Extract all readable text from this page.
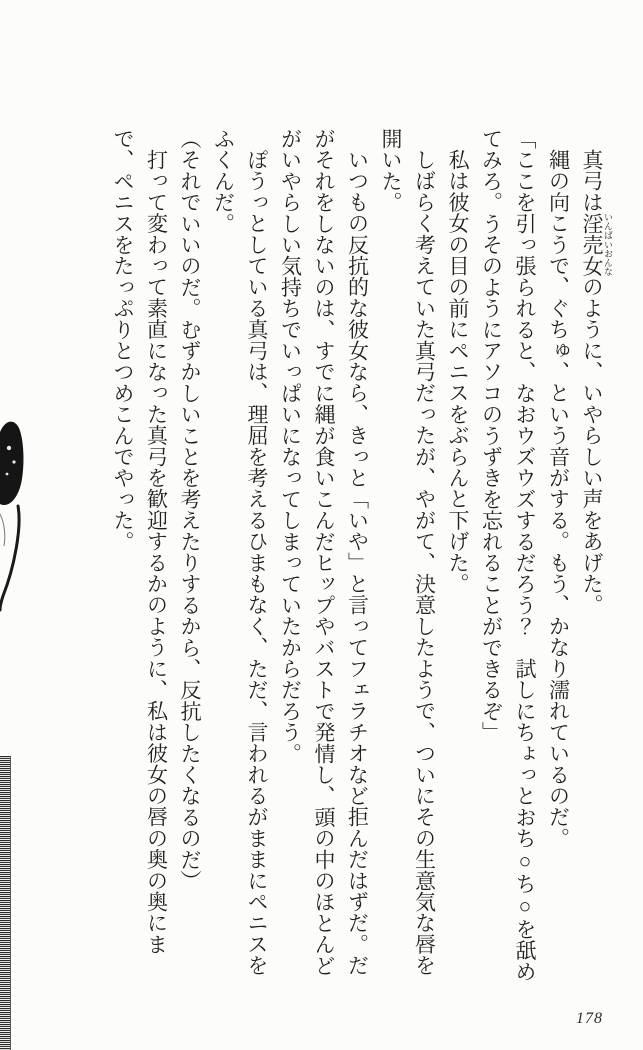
真弓は淫売女 いんばいおんなのように、いやらしい声をあげた。

縄の向こうで、ぐちゅ、という音がする。もう、かなり濡れているのだ。

「ここを引っ張られると、なおウズウズするだろう？　試しにちょっとおち○ち○を舐めてみろ。うそのようにアソコのうずきを忘れることができるぞ」

私は彼女の目の前にペニスをぶらんと下げた。

しばらく考えていた真弓だったが、やがて、決意したようで、ついにその生意気な唇を開いた。

いつもの反抗的な彼女なら、きっと「いや」と言ってフェラチオなど拒んだはずだ。だがそれをしないのは、すでに縄が食いこんだヒップやバストで発情し、頭の中のほとんどがいやらしい気持ちでいっぱいになってしまっていたからだろう。

ぽうっとしている真弓は、理屈を考えるひまもなく、ただ、言われるがままにペニスをふくんだ。

（それでいいのだ。むずかしいことを考えたりするから、反抗したくなるのだ）

打って変わって素直になった真弓を歓迎するかのように、私は彼女の唇の奥の奥にまで、ペニスをたっぷりとつめこんでやった。

178
